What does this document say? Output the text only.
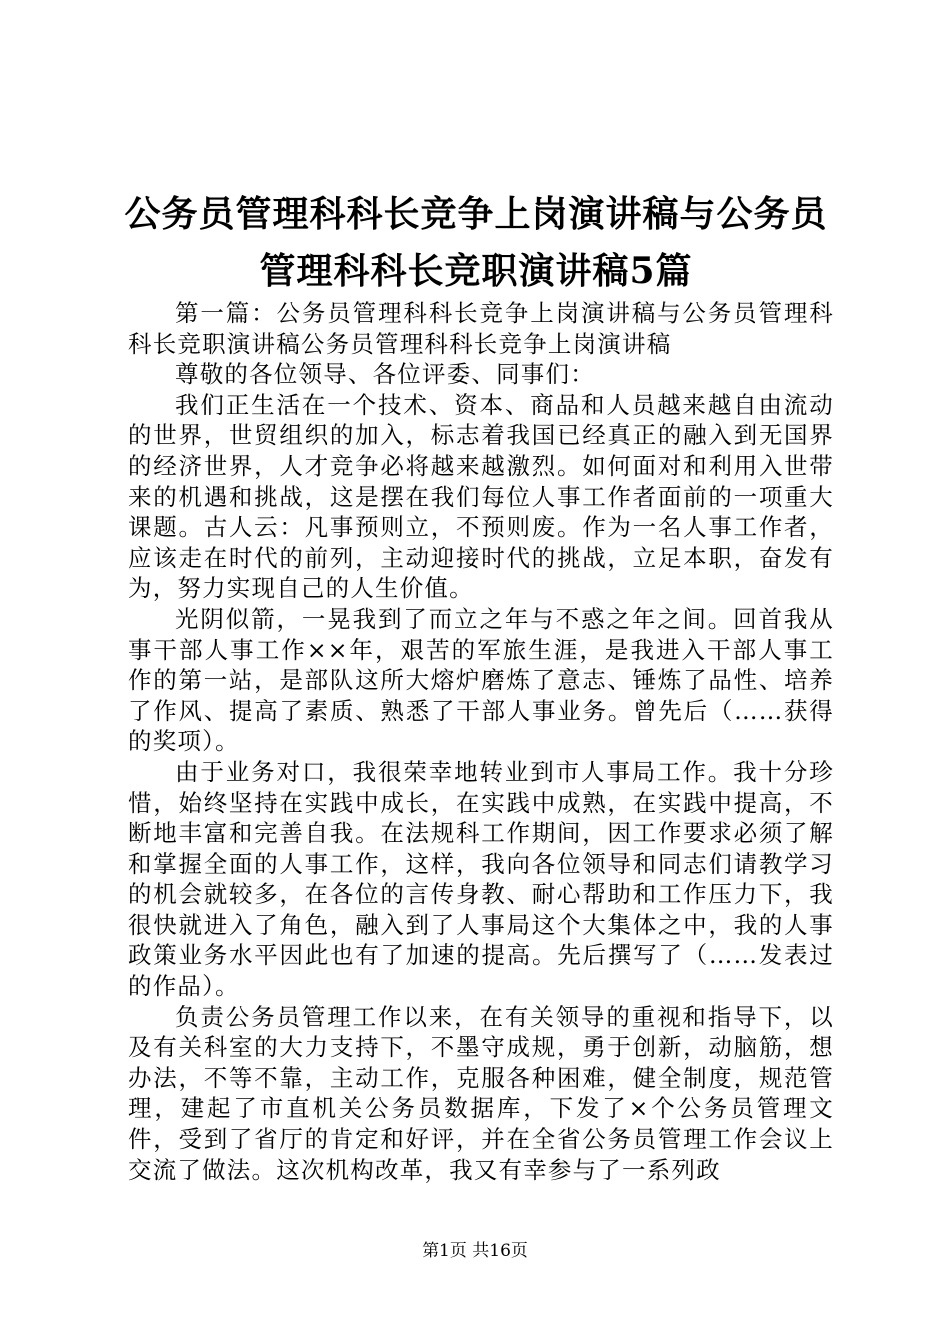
公务员管理科科长竞争上岗演讲稿与公务员管理科科长竞职演讲稿5篇

第一篇：公务员管理科科长竞争上岗演讲稿与公务员管理科科长竞职演讲稿公务员管理科科长竞争上岗演讲稿

尊敬的各位领导、各位评委、同事们：

我们正生活在一个技术、资本、商品和人员越来越自由流动的世界，世贸组织的加入，标志着我国已经真正的融入到无国界的经济世界，人才竞争必将越来越激烈。如何面对和利用入世带来的机遇和挑战，这是摆在我们每位人事工作者面前的一项重大课题。古人云：凡事预则立，不预则废。作为一名人事工作者，应该走在时代的前列，主动迎接时代的挑战，立足本职，奋发有为，努力实现自己的人生价值。

光阴似箭，一晃我到了而立之年与不惑之年之间。回首我从事干部人事工作××年，艰苦的军旅生涯，是我进入干部人事工作的第一站，是部队这所大熔炉磨炼了意志、锤炼了品性、培养了作风、提高了素质、熟悉了干部人事业务。曾先后（……获得的奖项）。

由于业务对口，我很荣幸地转业到市人事局工作。我十分珍惜，始终坚持在实践中成长，在实践中成熟，在实践中提高，不断地丰富和完善自我。在法规科工作期间，因工作要求必须了解和掌握全面的人事工作，这样，我向各位领导和同志们请教学习的机会就较多，在各位的言传身教、耐心帮助和工作压力下，我很快就进入了角色，融入到了人事局这个大集体之中，我的人事政策业务水平因此也有了加速的提高。先后撰写了（……发表过的作品）。

负责公务员管理工作以来，在有关领导的重视和指导下，以及有关科室的大力支持下，不墨守成规，勇于创新，动脑筋，想办法，不等不靠，主动工作，克服各种困难，健全制度，规范管理，建起了市直机关公务员数据库，下发了×个公务员管理文件，受到了省厅的肯定和好评，并在全省公务员管理工作会议上交流了做法。这次机构改革，我又有幸参与了一系列政

第1页 共16页
